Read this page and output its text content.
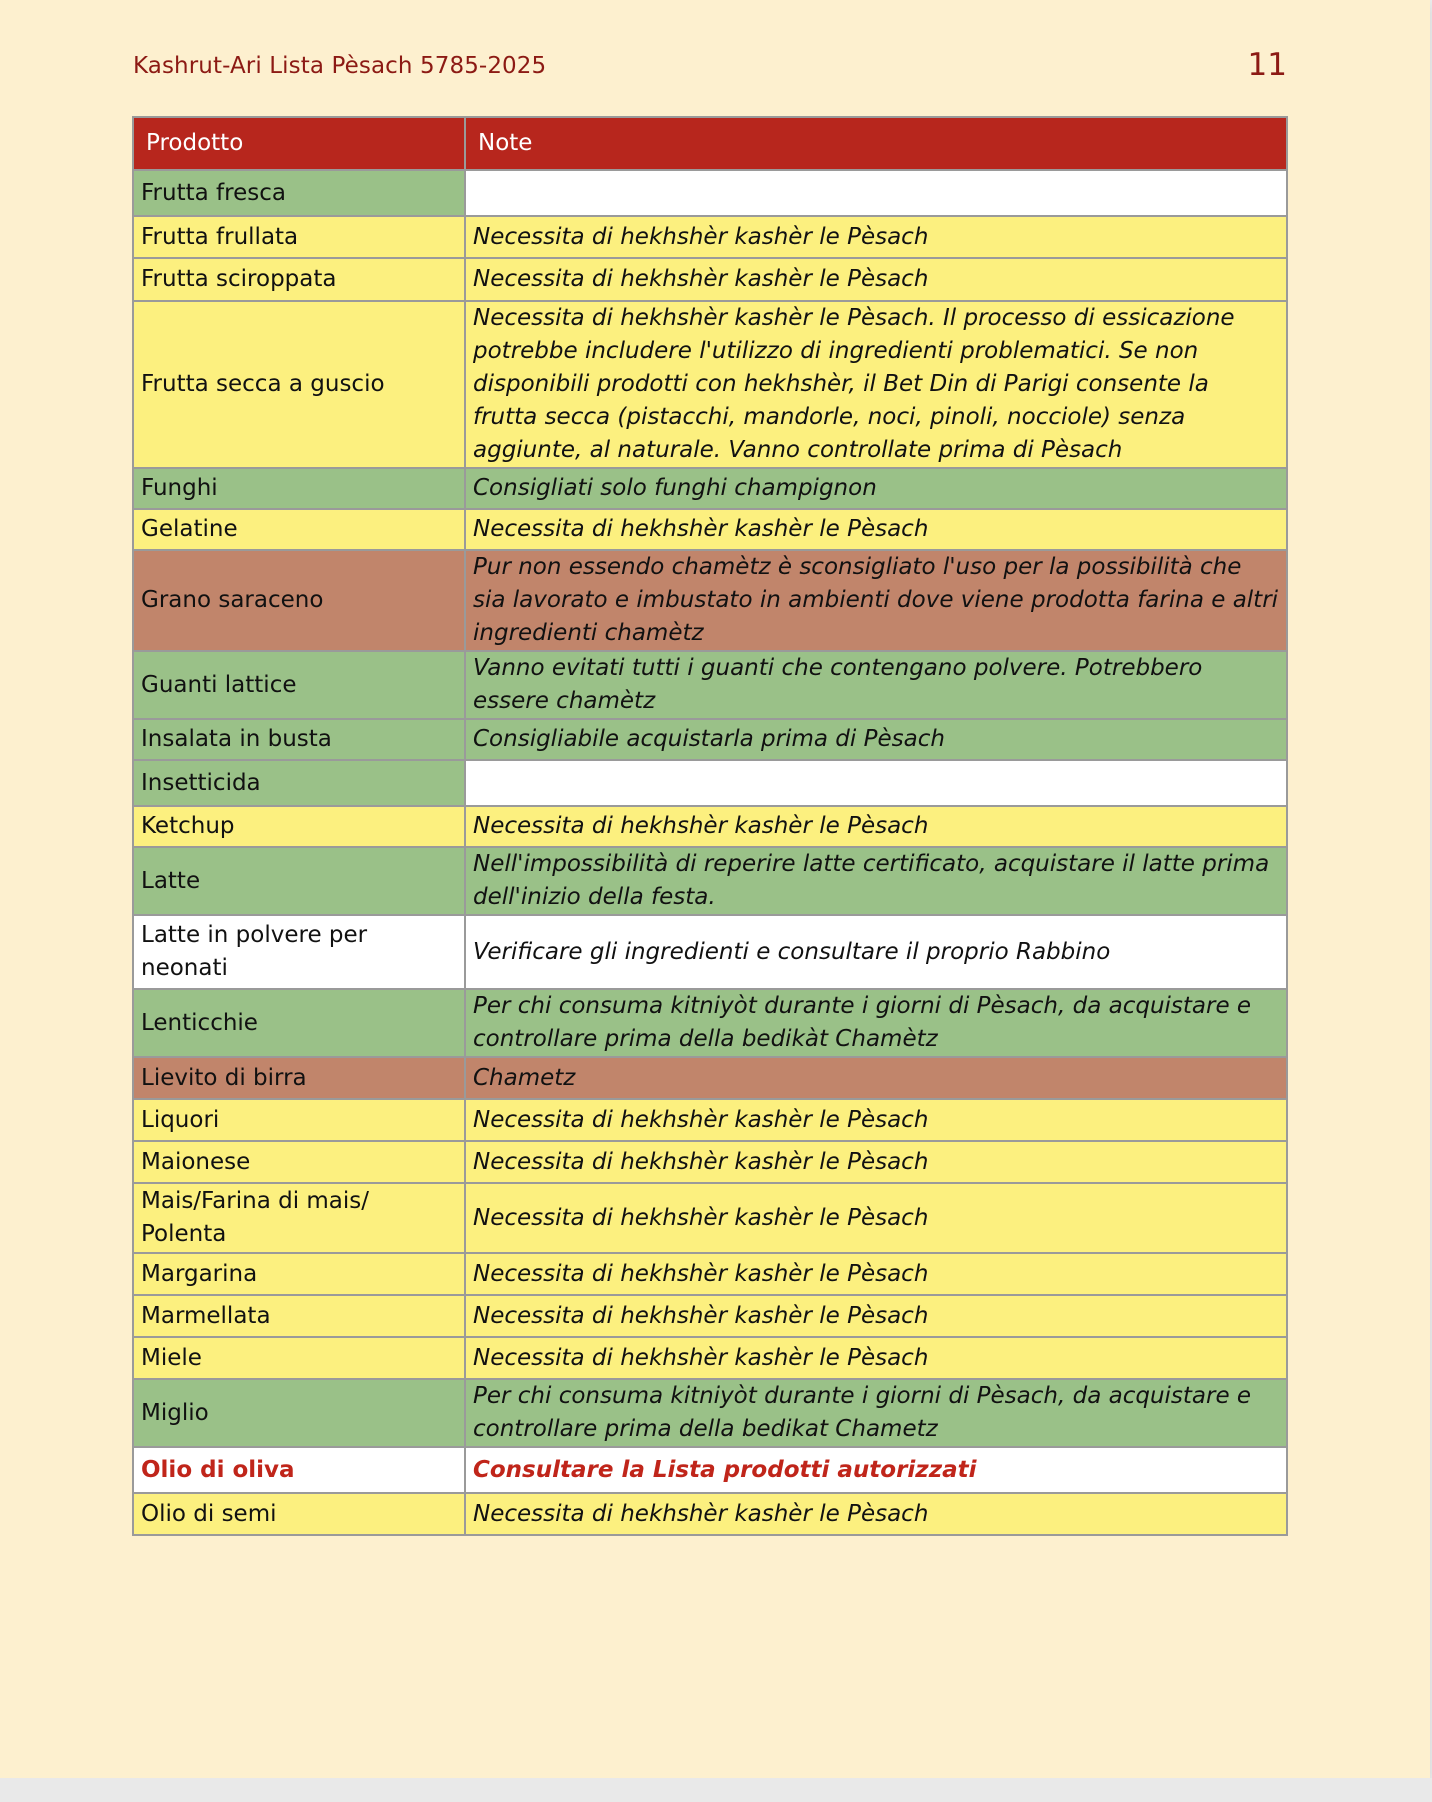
Kashrut-Ari Lista Pèsach 5785-2025	11
Prodotto	Note
Frutta fresca	
Frutta frullata	Necessita di hekhshèr kashèr le Pèsach
Frutta sciroppata	Necessita di hekhshèr kashèr le Pèsach
Frutta secca a guscio	Necessita di hekhshèr kashèr le Pèsach. Il processo di essicazione potrebbe includere l'utilizzo di ingredienti problematici. Se non disponibili prodotti con hekhshèr, il Bet Din di Parigi consente la frutta secca (pistacchi, mandorle, noci, pinoli, nocciole) senza aggiunte, al naturale. Vanno controllate prima di Pèsach
Funghi	Consigliati solo funghi champignon
Gelatine	Necessita di hekhshèr kashèr le Pèsach
Grano saraceno	Pur non essendo chamètz è sconsigliato l'uso per la possibilità che sia lavorato e imbustato in ambienti dove viene prodotta farina e altri ingredienti chamètz
Guanti lattice	Vanno evitati tutti i guanti che contengano polvere. Potrebbero essere chamètz
Insalata in busta	Consigliabile acquistarla prima di Pèsach
Insetticida	
Ketchup	Necessita di hekhshèr kashèr le Pèsach
Latte	Nell'impossibilità di reperire latte certificato, acquistare il latte prima dell'inizio della festa.
Latte in polvere per neonati	Verificare gli ingredienti e consultare il proprio Rabbino
Lenticchie	Per chi consuma kitniyòt durante i giorni di Pèsach, da acquistare e controllare prima della bedikàt Chamètz
Lievito di birra	Chametz
Liquori	Necessita di hekhshèr kashèr le Pèsach
Maionese	Necessita di hekhshèr kashèr le Pèsach
Mais/Farina di mais/ Polenta	Necessita di hekhshèr kashèr le Pèsach
Margarina	Necessita di hekhshèr kashèr le Pèsach
Marmellata	Necessita di hekhshèr kashèr le Pèsach
Miele	Necessita di hekhshèr kashèr le Pèsach
Miglio	Per chi consuma kitniyòt durante i giorni di Pèsach, da acquistare e controllare prima della bedikat Chametz
Olio di oliva	Consultare la Lista prodotti autorizzati
Olio di semi	Necessita di hekhshèr kashèr le Pèsach
